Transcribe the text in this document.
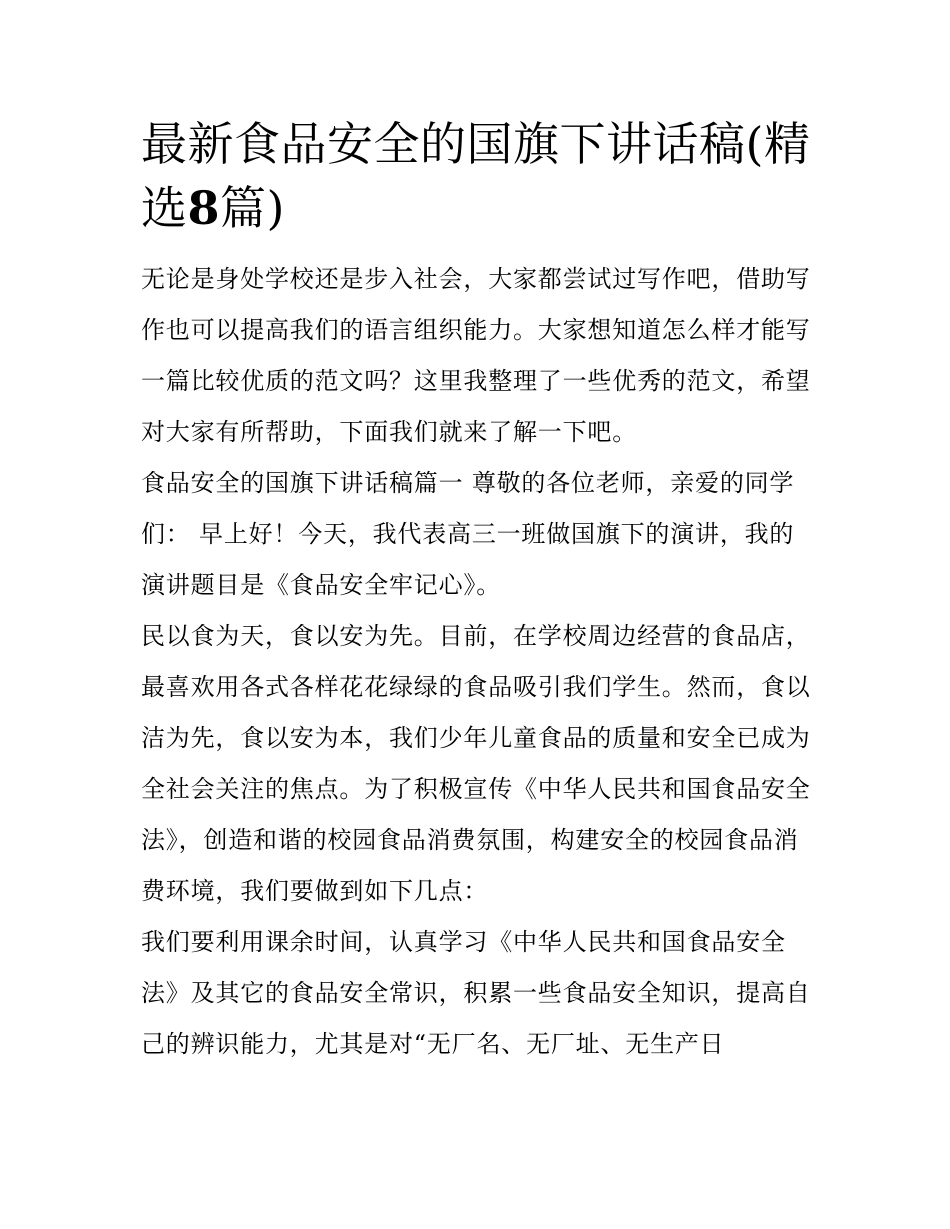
最新食品安全的国旗下讲话稿(精选8篇)

无论是身处学校还是步入社会，大家都尝试过写作吧，借助写作也可以提高我们的语言组织能力。大家想知道怎么样才能写一篇比较优质的范文吗？这里我整理了一些优秀的范文，希望对大家有所帮助，下面我们就来了解一下吧。

食品安全的国旗下讲话稿篇一 尊敬的各位老师，亲爱的同学们： 早上好！今天，我代表高三一班做国旗下的演讲，我的演讲题目是《食品安全牢记心》。

民以食为天，食以安为先。目前，在学校周边经营的食品店，最喜欢用各式各样花花绿绿的食品吸引我们学生。然而，食以洁为先，食以安为本，我们少年儿童食品的质量和安全已成为全社会关注的焦点。为了积极宣传《中华人民共和国食品安全法》，创造和谐的校园食品消费氛围，构建安全的校园食品消费环境，我们要做到如下几点：

我们要利用课余时间，认真学习《中华人民共和国食品安全法》及其它的食品安全常识，积累一些食品安全知识，提高自己的辨识能力，尤其是对“无厂名、无厂址、无生产日
